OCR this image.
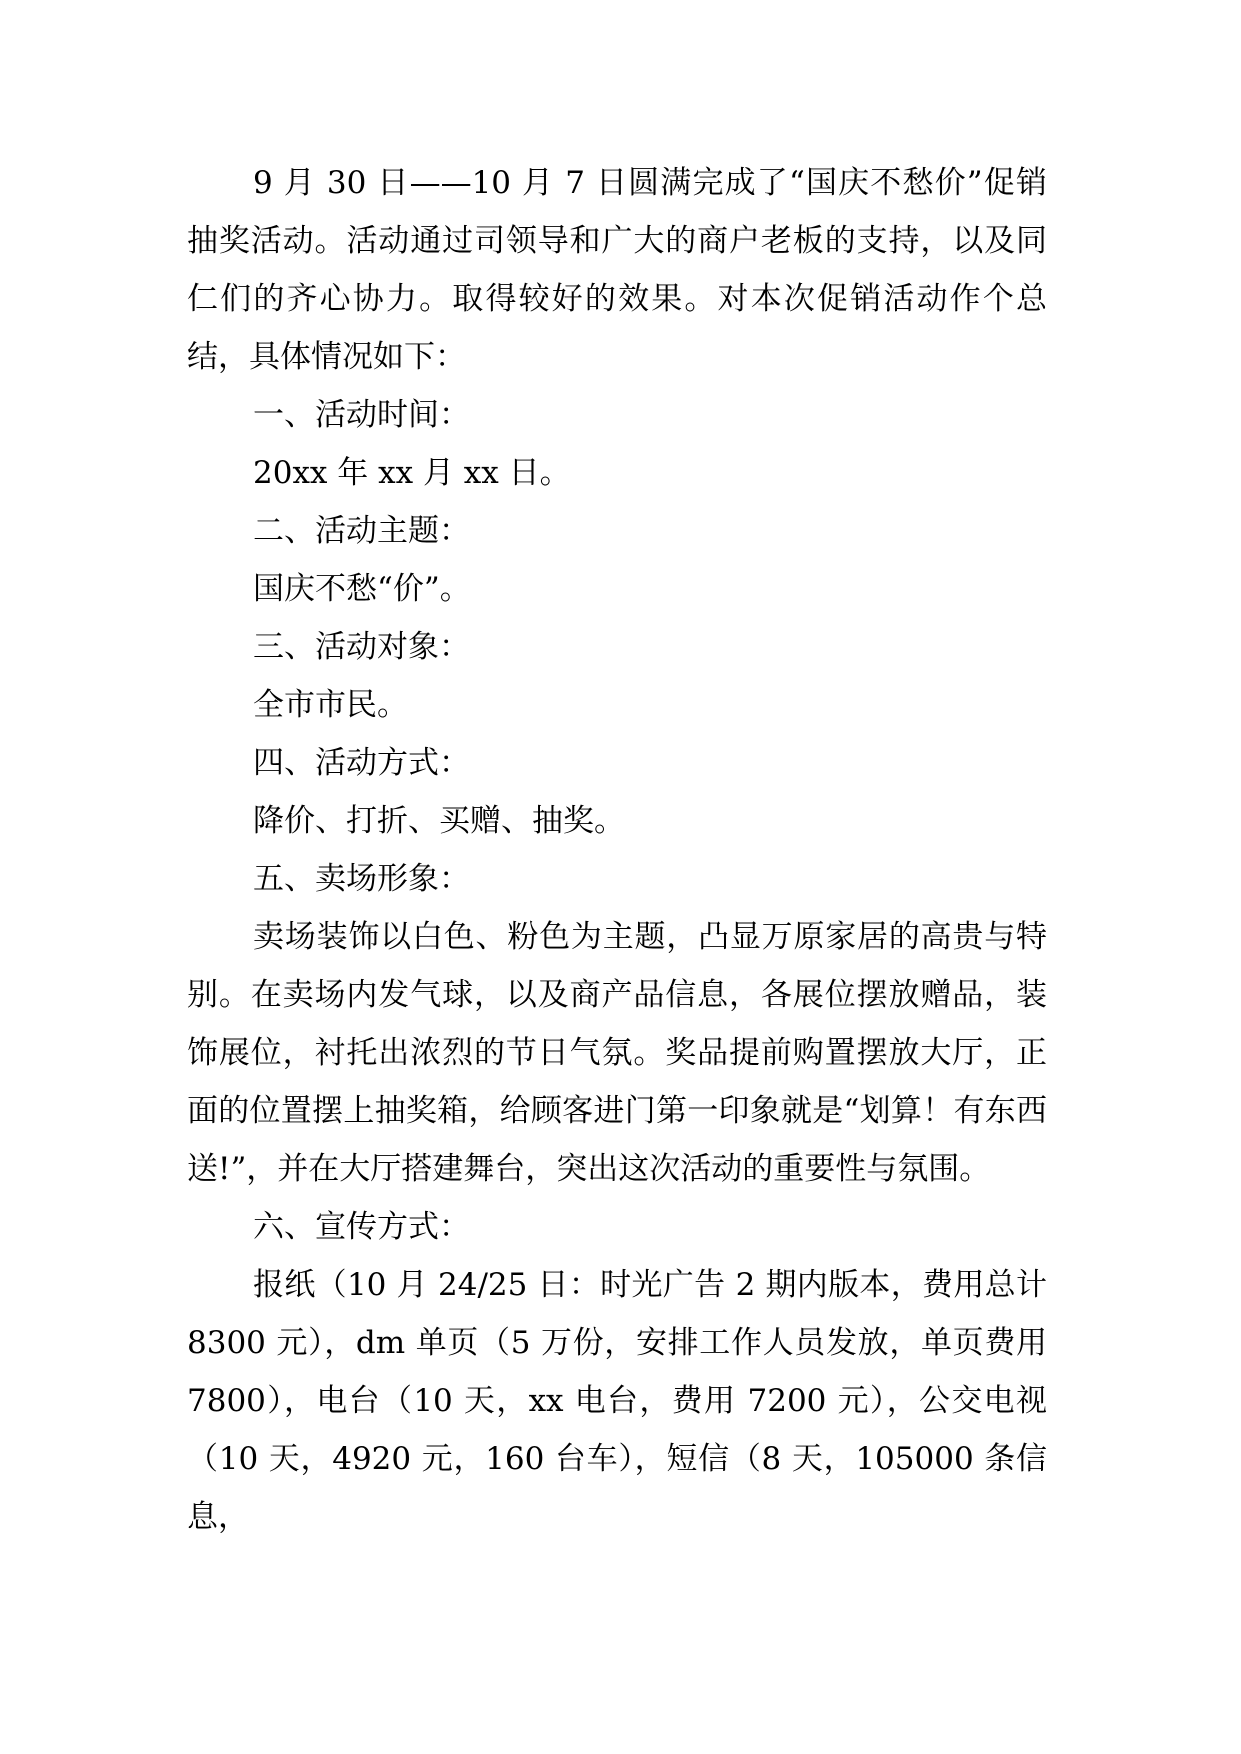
9 月 30 日——10 月 7 日圆满完成了“国庆不愁价”促销抽奖活动。活动通过司领导和广大的商户老板的支持，以及同仁们的齐心协力。取得较好的效果。对本次促销活动作个总结，具体情况如下：

一、活动时间：

20xx 年 xx 月 xx 日。

二、活动主题：

国庆不愁“价”。

三、活动对象：

全市市民。

四、活动方式：

降价、打折、买赠、抽奖。

五、卖场形象：

卖场装饰以白色、粉色为主题，凸显万原家居的高贵与特别。在卖场内发气球，以及商产品信息，各展位摆放赠品，装饰展位，衬托出浓烈的节日气氛。奖品提前购置摆放大厅，正面的位置摆上抽奖箱，给顾客进门第一印象就是“划算！有东西送!”，并在大厅搭建舞台，突出这次活动的重要性与氛围。

六、宣传方式：

报纸（10 月 24/25 日：时光广告 2 期内版本，费用总计 8300 元），dm 单页（5 万份，安排工作人员发放，单页费用 7800），电台（10 天，xx 电台，费用 7200 元），公交电视（10 天，4920 元，160 台车），短信（8 天，105000 条信息，
